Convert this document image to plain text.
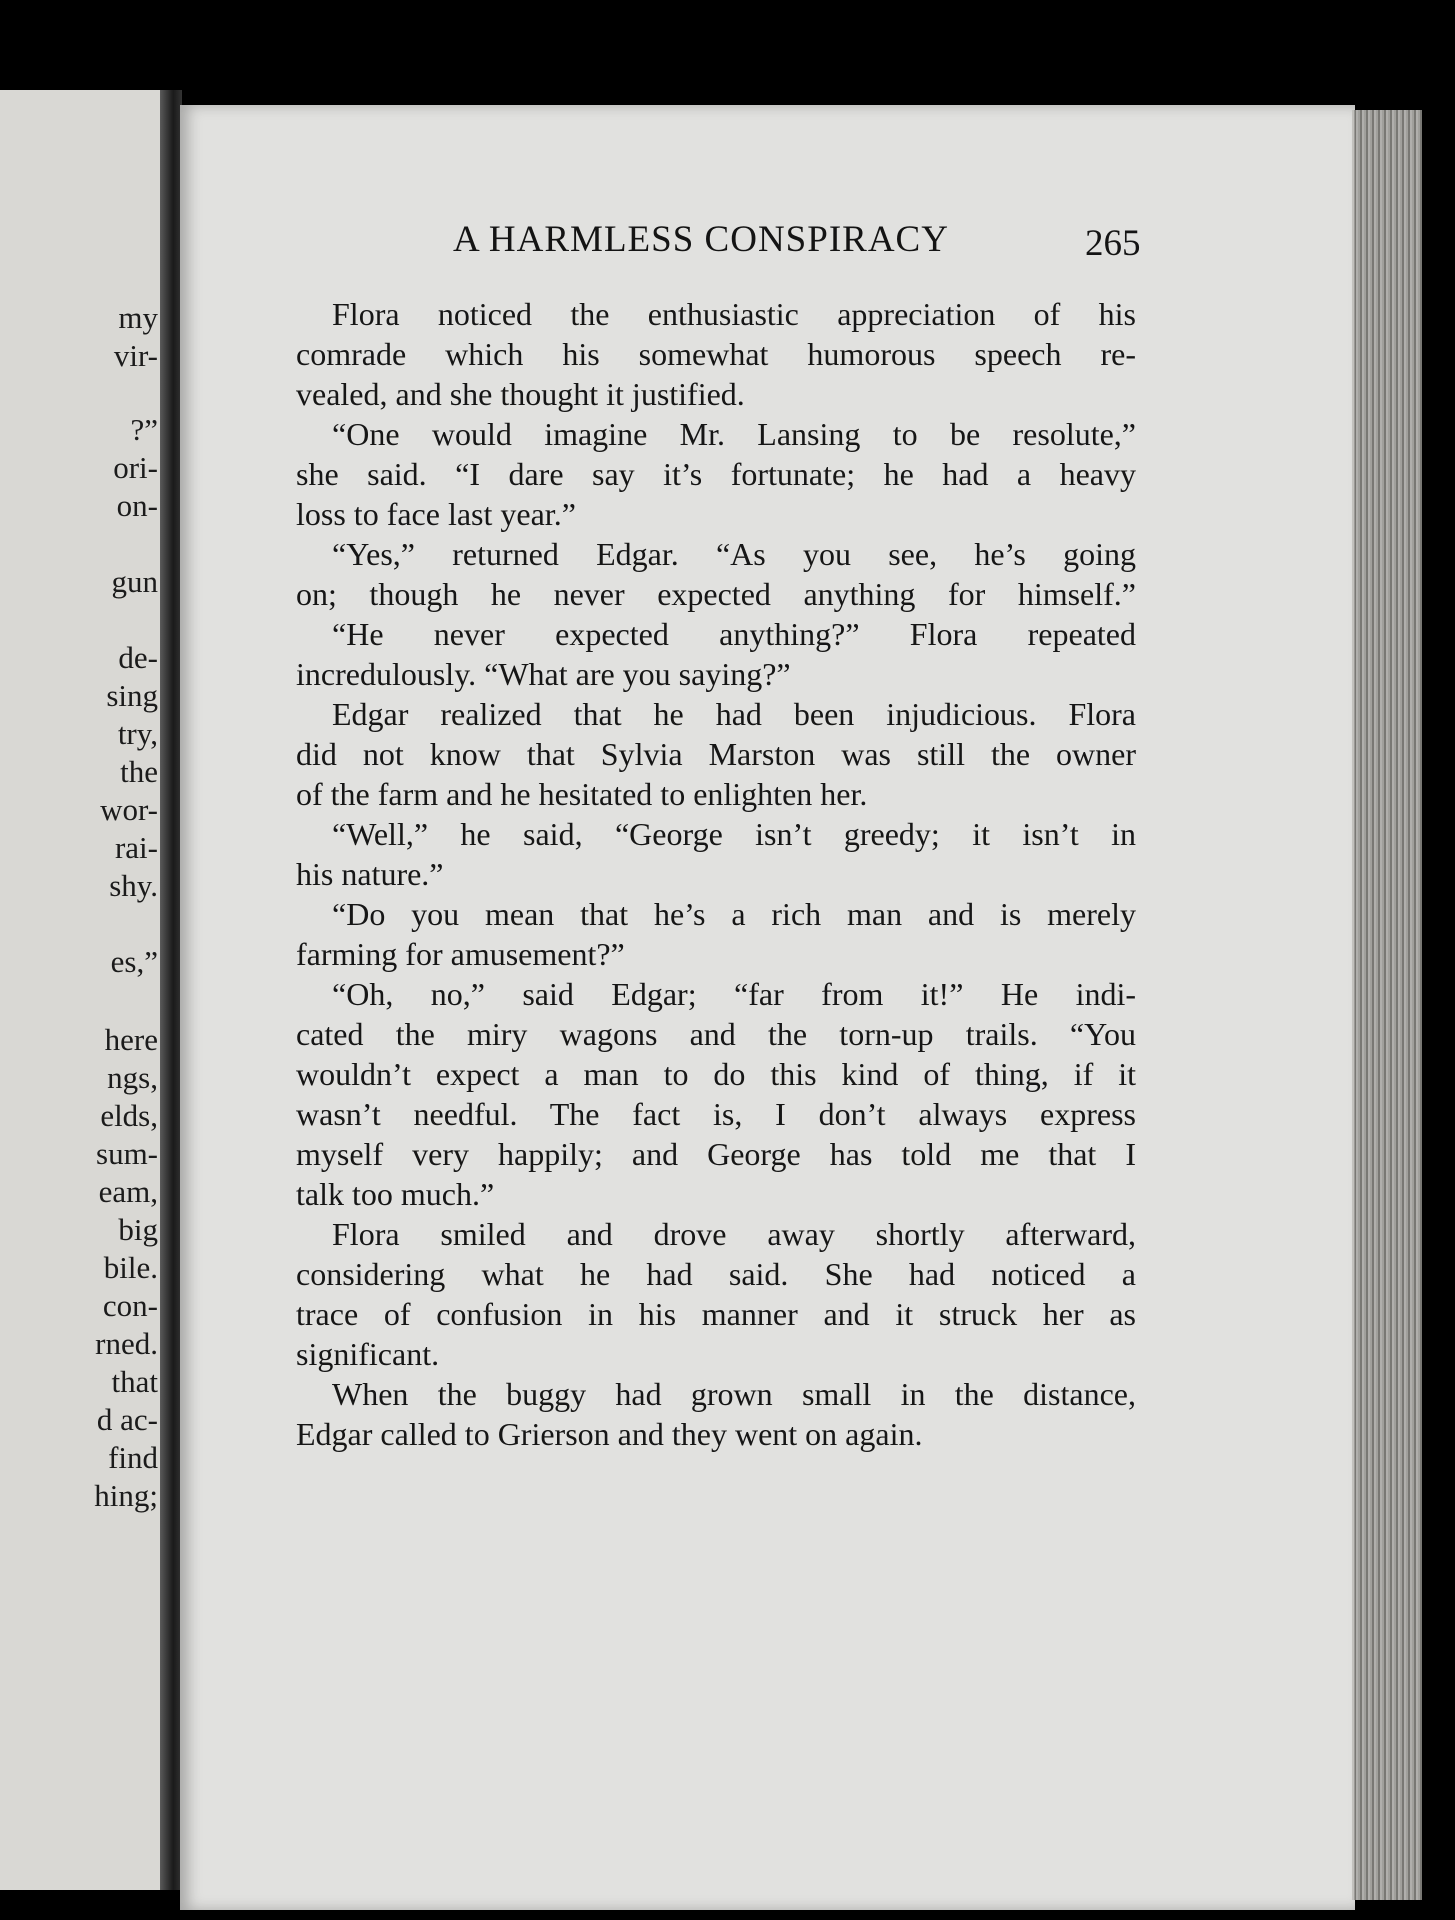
my

vir-

?”

ori-

on-

gun

de-

sing

try,

the

wor-

rai-

shy.

es,”

here

ngs,

elds,

sum-

eam,

big

bile.

con-

rned.

that

d ac-

find

hing;

A HARMLESS CONSPIRACY	265

Flora noticed the enthusiastic appreciation of his

comrade which his somewhat humorous speech re-

vealed, and she thought it justified.

“One would imagine Mr. Lansing to be resolute,”

she said. “I dare say it’s fortunate; he had a heavy

loss to face last year.”

“Yes,” returned Edgar. “As you see, he’s going

on; though he never expected anything for himself.”

“He never expected anything?” Flora repeated

incredulously. “What are you saying?”

Edgar realized that he had been injudicious. Flora

did not know that Sylvia Marston was still the owner

of the farm and he hesitated to enlighten her.

“Well,” he said, “George isn’t greedy; it isn’t in

his nature.”

“Do you mean that he’s a rich man and is merely

farming for amusement?”

“Oh, no,” said Edgar; “far from it!” He indi-

cated the miry wagons and the torn-up trails. “You

wouldn’t expect a man to do this kind of thing, if it

wasn’t needful. The fact is, I don’t always express

myself very happily; and George has told me that I

talk too much.”

Flora smiled and drove away shortly afterward,

considering what he had said. She had noticed a

trace of confusion in his manner and it struck her as

significant.

When the buggy had grown small in the distance,

Edgar called to Grierson and they went on again.
